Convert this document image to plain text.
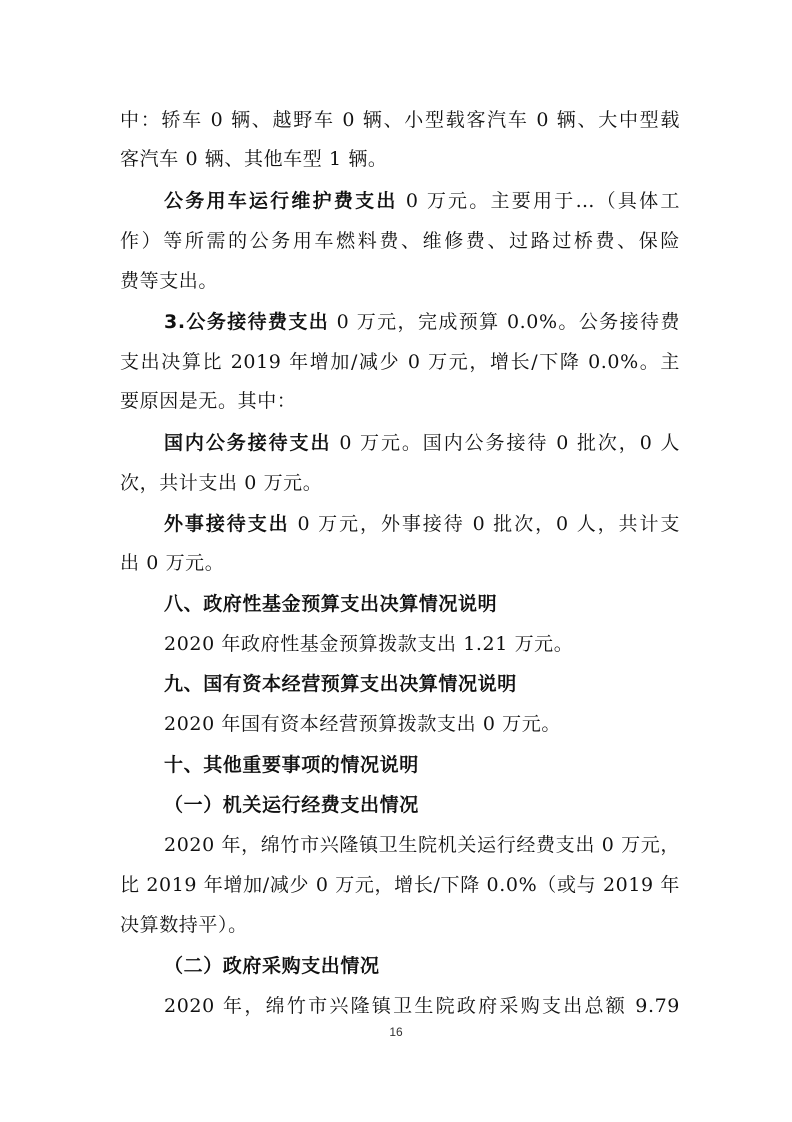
中：轿车 0 辆、越野车 0 辆、小型载客汽车 0 辆、大中型载
客汽车 0 辆、其他车型 1 辆。
公务用车运行维护费支出 0 万元。主要用于…（具体工
作）等所需的公务用车燃料费、维修费、过路过桥费、保险
费等支出。
3.公务接待费支出 0 万元，完成预算 0.0%。公务接待费
支出决算比 2019 年增加/减少 0 万元，增长/下降 0.0%。主
要原因是无。其中：
国内公务接待支出 0 万元。国内公务接待 0 批次，0 人
次，共计支出 0 万元。
外事接待支出 0 万元，外事接待 0 批次，0 人，共计支
出 0 万元。
八、政府性基金预算支出决算情况说明
2020 年政府性基金预算拨款支出 1.21 万元。
九、国有资本经营预算支出决算情况说明
2020 年国有资本经营预算拨款支出 0 万元。
十、其他重要事项的情况说明
（一）机关运行经费支出情况
2020 年，绵竹市兴隆镇卫生院机关运行经费支出 0 万元，
比 2019 年增加/减少 0 万元，增长/下降 0.0%（或与 2019 年
决算数持平）。
（二）政府采购支出情况
2020 年，绵竹市兴隆镇卫生院政府采购支出总额 9.79
16
